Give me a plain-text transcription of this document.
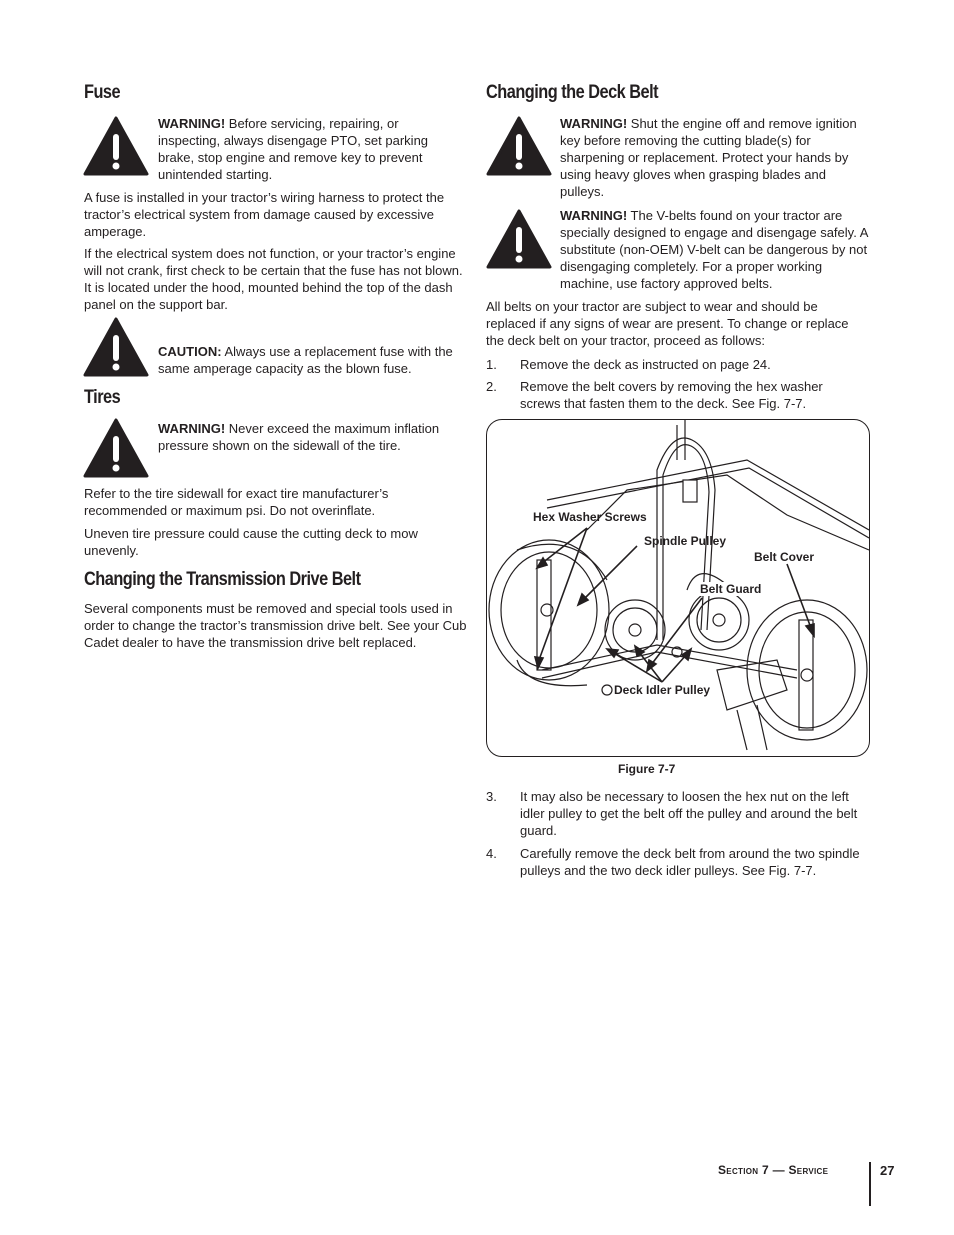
Fuse

WARNING! Before servicing, repairing, or inspecting, always disengage PTO, set parking brake, stop engine and remove key to prevent unintended starting.

A fuse is installed in your tractor’s wiring harness to protect the tractor’s electrical system from damage caused by excessive amperage.

If the electrical system does not function, or your tractor’s engine will not crank, first check to be certain that the fuse has not blown. It is located under the hood, mounted behind the top of the dash panel on the support bar.

CAUTION: Always use a replacement fuse with the same amperage capacity as the blown fuse.

Tires

WARNING! Never exceed the maximum inflation pressure shown on the sidewall of the tire.

Refer to the tire sidewall for exact tire manufacturer’s recommended or maximum psi. Do not overinflate.

Uneven tire pressure could cause the cutting deck to mow unevenly.

Changing the Transmission Drive Belt

Several components must be removed and special tools used in order to change the tractor’s transmission drive belt. See your Cub Cadet dealer to have the transmission drive belt replaced.

Changing the Deck Belt

WARNING! Shut the engine off and remove ignition key before removing the cutting blade(s) for sharpening or replacement. Protect your hands by using heavy gloves when grasping blades and pulleys.

WARNING! The V-belts found on your tractor are specially designed to engage and disengage safely. A substitute (non-OEM) V-belt can be dangerous by not disengaging completely. For a proper working machine, use factory approved belts.

All belts on your tractor are subject to wear and should be replaced if any signs of wear are present. To change or replace the deck belt on your tractor, proceed as follows:

1. Remove the deck as instructed on page 24.
2. Remove the belt covers by removing the hex washer screws that fasten them to the deck. See Fig. 7-7.
Hex Washer Screws
Spindle Pulley
Belt Cover
Belt Guard
Deck Idler Pulley
Figure 7-7
3. It may also be necessary to loosen the hex nut on the left idler pulley to get the belt off the pulley and around the belt guard.
4. Carefully remove the deck belt from around the two spindle pulleys and the two deck idler pulleys. See Fig. 7-7.
Section 7 — Service	27
